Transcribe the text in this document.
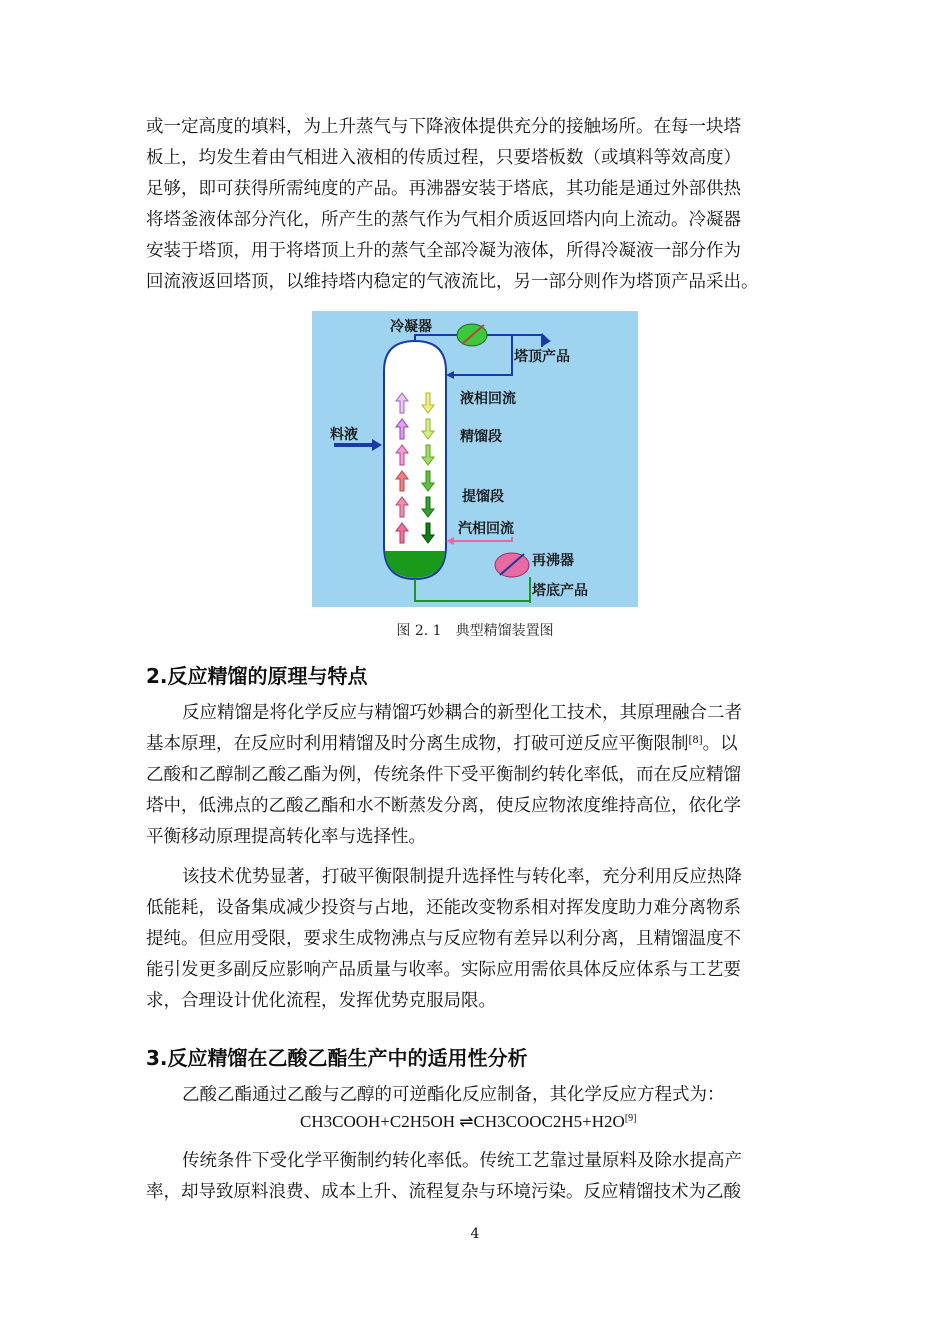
或一定高度的填料，为上升蒸气与下降液体提供充分的接触场所。在每一块塔
板上，均发生着由气相进入液相的传质过程，只要塔板数（或填料等效高度）
足够，即可获得所需纯度的产品。再沸器安装于塔底，其功能是通过外部供热
将塔釜液体部分汽化，所产生的蒸气作为气相介质返回塔内向上流动。冷凝器
安装于塔顶，用于将塔顶上升的蒸气全部冷凝为液体，所得冷凝液一部分作为
回流液返回塔顶，以维持塔内稳定的气液流比，另一部分则作为塔顶产品采出。
冷凝器
塔顶产品
液相回流
精馏段
料液
提馏段
汽相回流
再沸器
塔底产品
图 2. 1　典型精馏装置图
2.反应精馏的原理与特点
反应精馏是将化学反应与精馏巧妙耦合的新型化工技术，其原理融合二者
基本原理，在反应时利用精馏及时分离生成物，打破可逆反应平衡限制[8]。以
乙酸和乙醇制乙酸乙酯为例，传统条件下受平衡制约转化率低，而在反应精馏
塔中，低沸点的乙酸乙酯和水不断蒸发分离，使反应物浓度维持高位，依化学
平衡移动原理提高转化率与选择性。
该技术优势显著，打破平衡限制提升选择性与转化率，充分利用反应热降
低能耗，设备集成减少投资与占地，还能改变物系相对挥发度助力难分离物系
提纯。但应用受限，要求生成物沸点与反应物有差异以利分离，且精馏温度不
能引发更多副反应影响产品质量与收率。实际应用需依具体反应体系与工艺要
求，合理设计优化流程，发挥优势克服局限。
3.反应精馏在乙酸乙酯生产中的适用性分析
乙酸乙酯通过乙酸与乙醇的可逆酯化反应制备，其化学反应方程式为：
CH3COOH+C2H5OH ⇌CH3COOC2H5+H2O[9]
传统条件下受化学平衡制约转化率低。传统工艺靠过量原料及除水提高产
率，却导致原料浪费、成本上升、流程复杂与环境污染。反应精馏技术为乙酸
4
